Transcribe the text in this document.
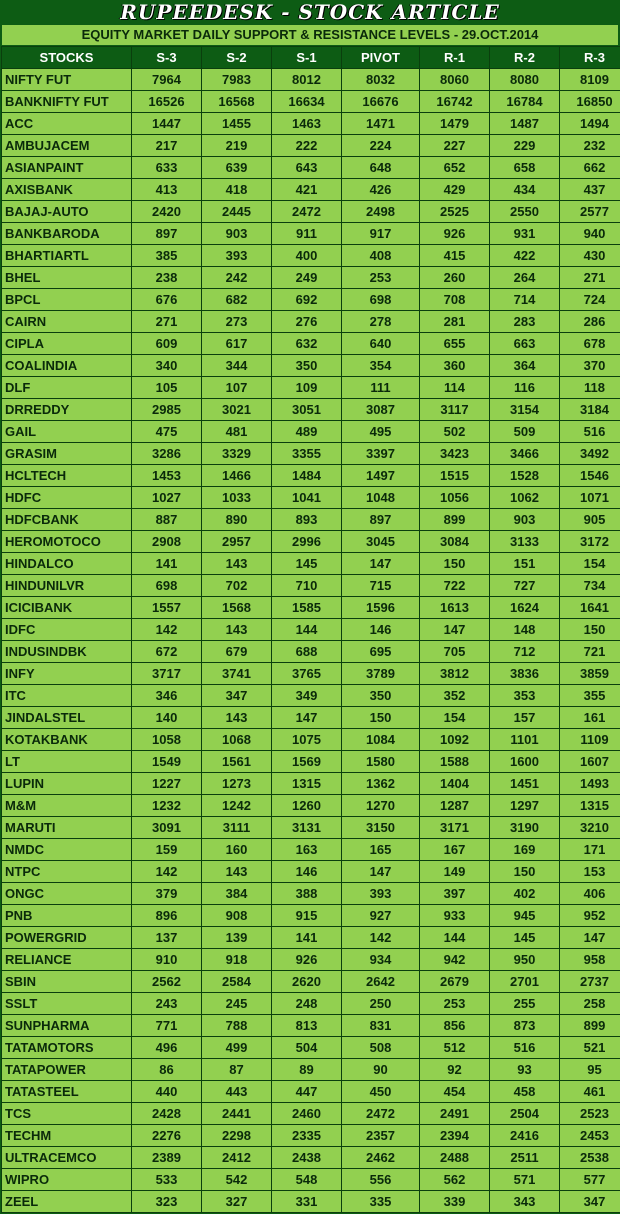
RUPEEDESK - STOCK ARTICLE
EQUITY MARKET DAILY SUPPORT & RESISTANCE LEVELS - 29.OCT.2014
STOCKS	S-3	S-2	S-1	PIVOT	R-1	R-2	R-3
NIFTY FUT	7964	7983	8012	8032	8060	8080	8109
BANKNIFTY FUT	16526	16568	16634	16676	16742	16784	16850
ACC	1447	1455	1463	1471	1479	1487	1494
AMBUJACEM	217	219	222	224	227	229	232
ASIANPAINT	633	639	643	648	652	658	662
AXISBANK	413	418	421	426	429	434	437
BAJAJ-AUTO	2420	2445	2472	2498	2525	2550	2577
BANKBARODA	897	903	911	917	926	931	940
BHARTIARTL	385	393	400	408	415	422	430
BHEL	238	242	249	253	260	264	271
BPCL	676	682	692	698	708	714	724
CAIRN	271	273	276	278	281	283	286
CIPLA	609	617	632	640	655	663	678
COALINDIA	340	344	350	354	360	364	370
DLF	105	107	109	111	114	116	118
DRREDDY	2985	3021	3051	3087	3117	3154	3184
GAIL	475	481	489	495	502	509	516
GRASIM	3286	3329	3355	3397	3423	3466	3492
HCLTECH	1453	1466	1484	1497	1515	1528	1546
HDFC	1027	1033	1041	1048	1056	1062	1071
HDFCBANK	887	890	893	897	899	903	905
HEROMOTOCO	2908	2957	2996	3045	3084	3133	3172
HINDALCO	141	143	145	147	150	151	154
HINDUNILVR	698	702	710	715	722	727	734
ICICIBANK	1557	1568	1585	1596	1613	1624	1641
IDFC	142	143	144	146	147	148	150
INDUSINDBK	672	679	688	695	705	712	721
INFY	3717	3741	3765	3789	3812	3836	3859
ITC	346	347	349	350	352	353	355
JINDALSTEL	140	143	147	150	154	157	161
KOTAKBANK	1058	1068	1075	1084	1092	1101	1109
LT	1549	1561	1569	1580	1588	1600	1607
LUPIN	1227	1273	1315	1362	1404	1451	1493
M&M	1232	1242	1260	1270	1287	1297	1315
MARUTI	3091	3111	3131	3150	3171	3190	3210
NMDC	159	160	163	165	167	169	171
NTPC	142	143	146	147	149	150	153
ONGC	379	384	388	393	397	402	406
PNB	896	908	915	927	933	945	952
POWERGRID	137	139	141	142	144	145	147
RELIANCE	910	918	926	934	942	950	958
SBIN	2562	2584	2620	2642	2679	2701	2737
SSLT	243	245	248	250	253	255	258
SUNPHARMA	771	788	813	831	856	873	899
TATAMOTORS	496	499	504	508	512	516	521
TATAPOWER	86	87	89	90	92	93	95
TATASTEEL	440	443	447	450	454	458	461
TCS	2428	2441	2460	2472	2491	2504	2523
TECHM	2276	2298	2335	2357	2394	2416	2453
ULTRACEMCO	2389	2412	2438	2462	2488	2511	2538
WIPRO	533	542	548	556	562	571	577
ZEEL	323	327	331	335	339	343	347
